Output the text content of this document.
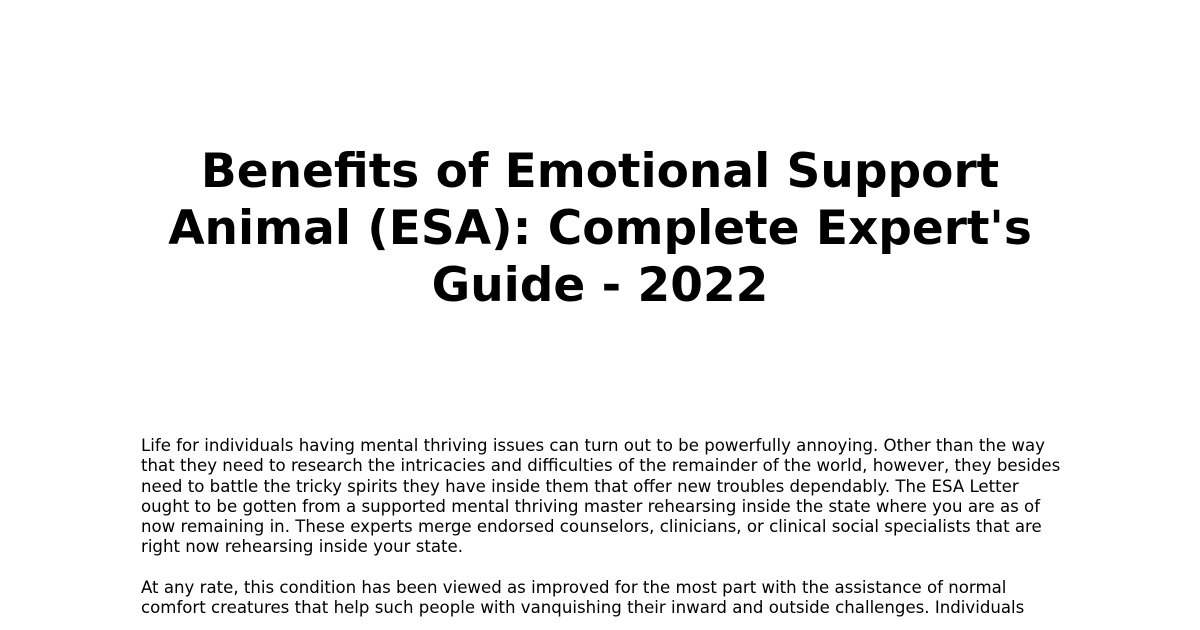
Benefits of Emotional Support Animal (ESA): Complete Expert's Guide - 2022

Life for individuals having mental thriving issues can turn out to be powerfully annoying. Other than the way that they need to research the intricacies and difficulties of the remainder of the world, however, they besides need to battle the tricky spirits they have inside them that offer new troubles dependably. The ESA Letter ought to be gotten from a supported mental thriving master rehearsing inside the state where you are as of now remaining in. These experts merge endorsed counselors, clinicians, or clinical social specialists that are right now rehearsing inside your state.

At any rate, this condition has been viewed as improved for the most part with the assistance of normal comfort creatures that help such people with vanquishing their inward and outside challenges. Individuals
